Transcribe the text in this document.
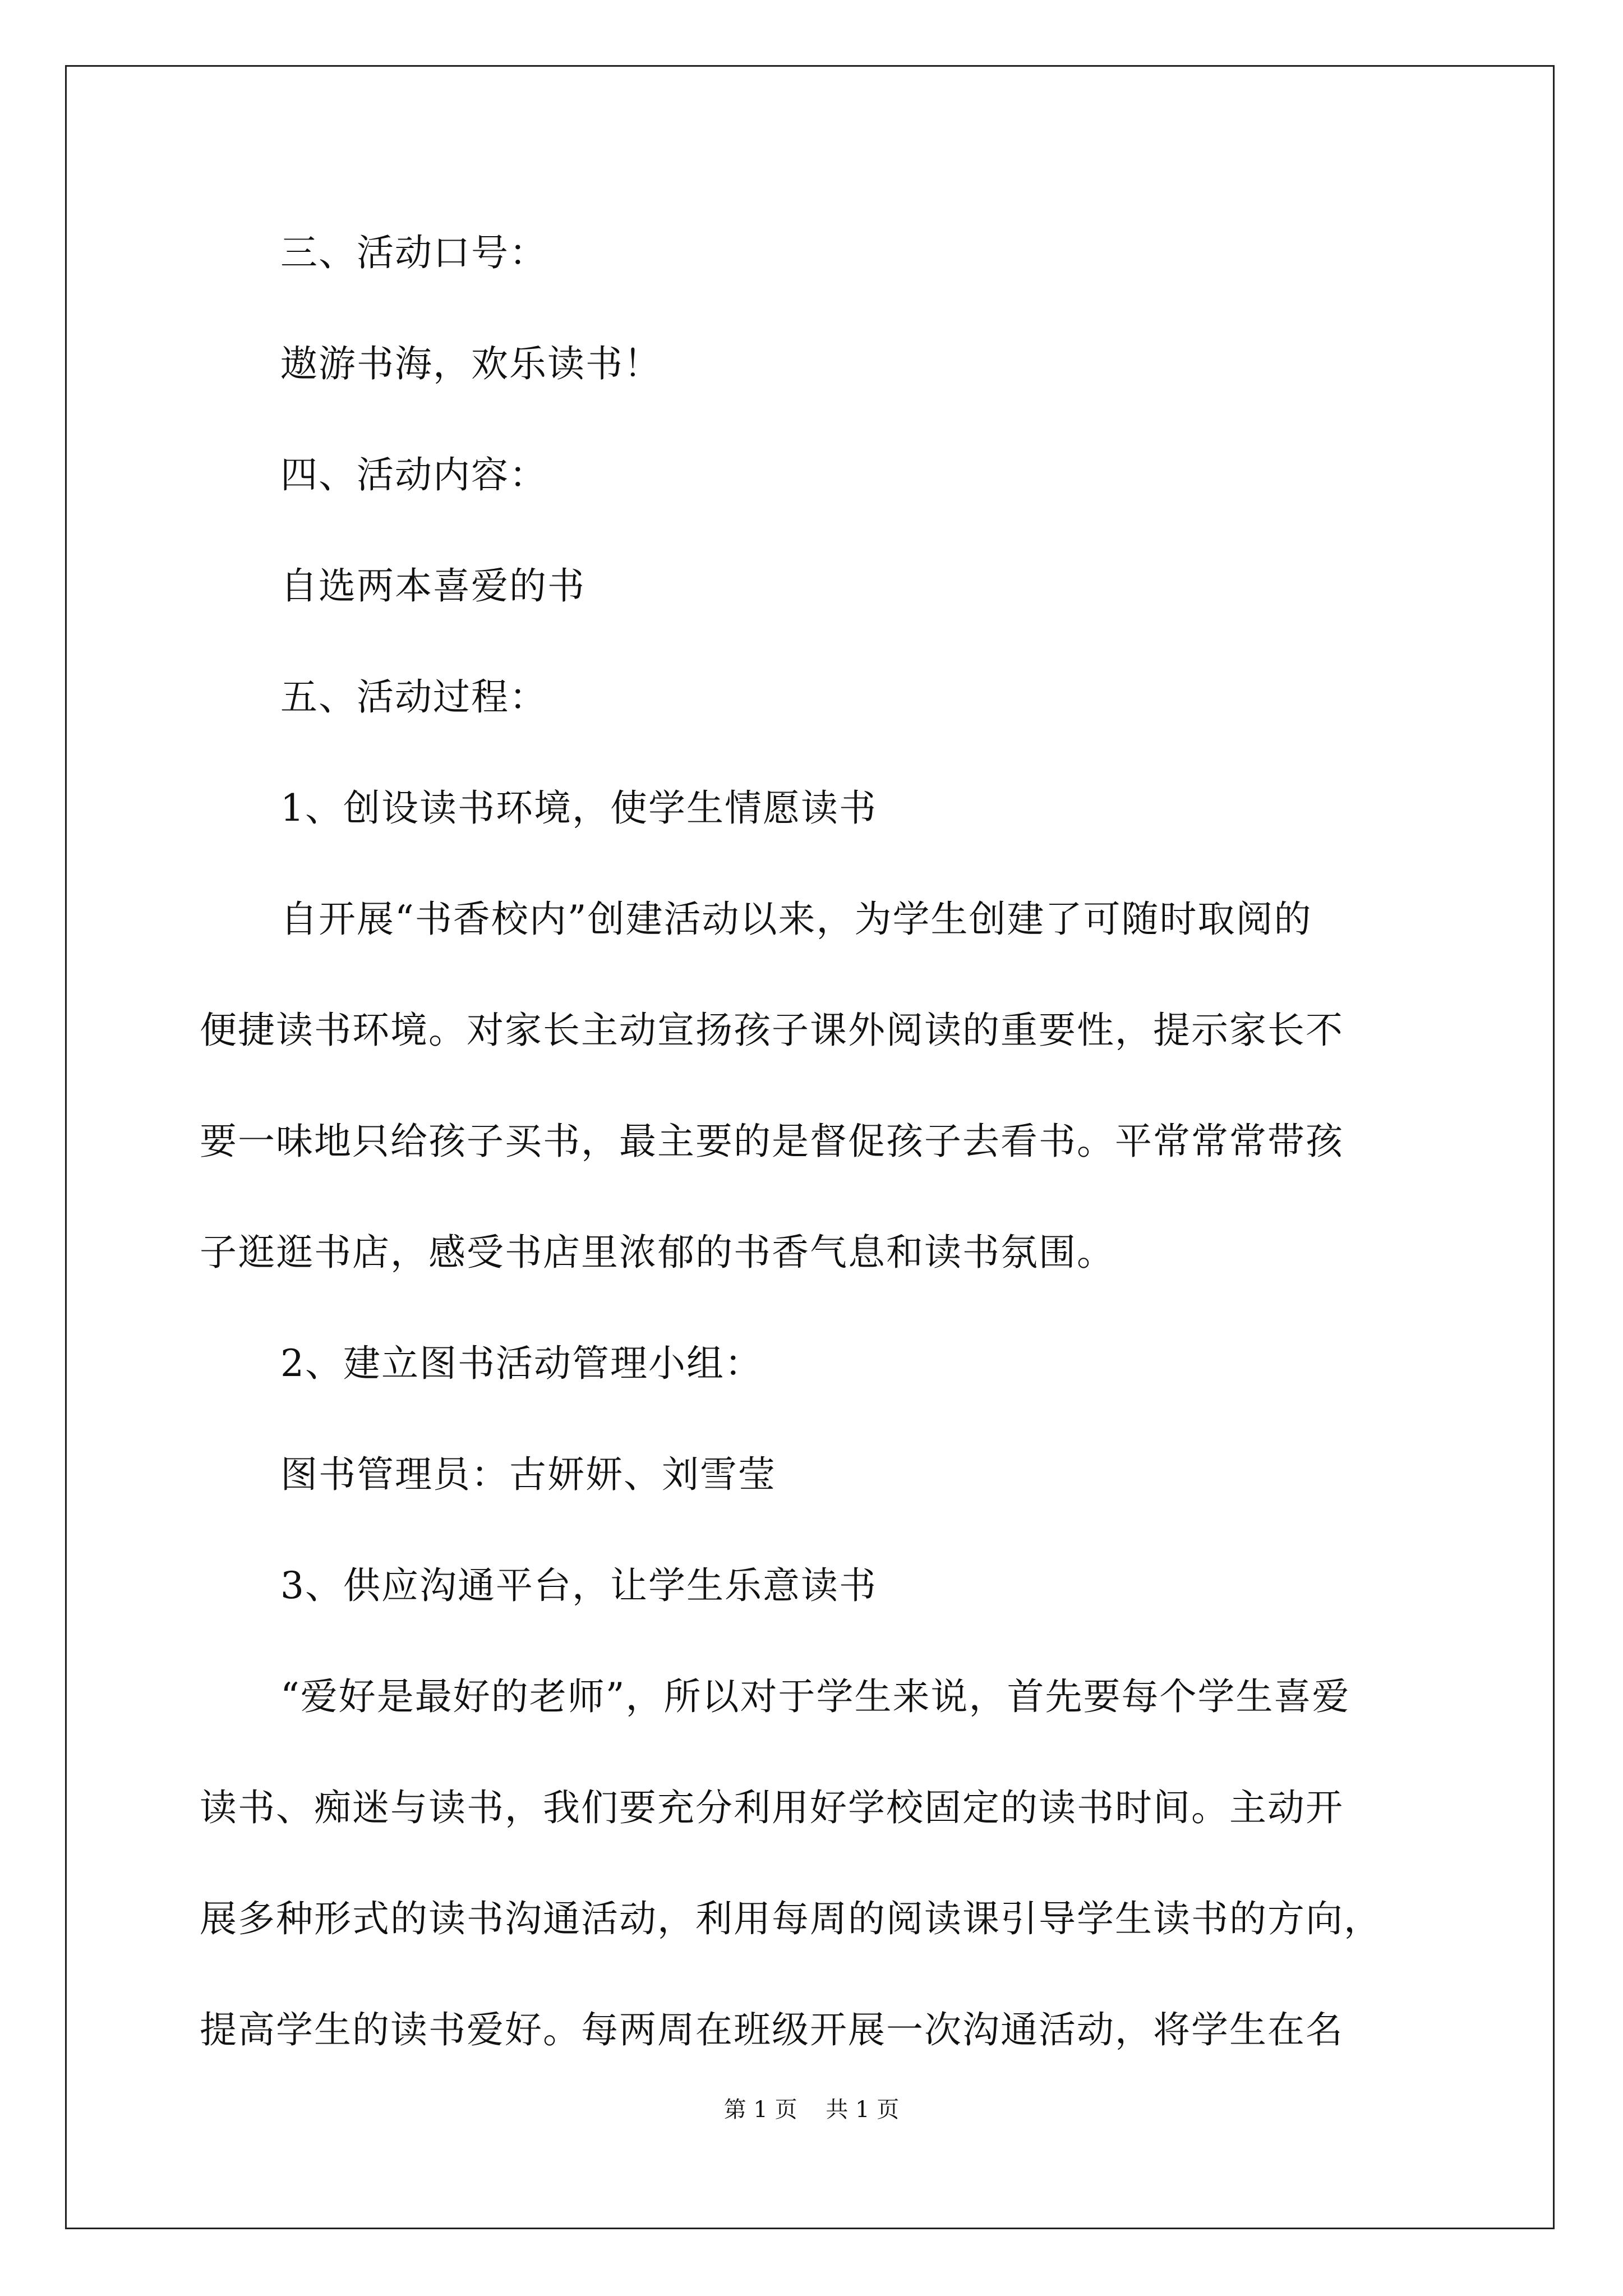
三、活动口号：
遨游书海，欢乐读书！
四、活动内容：
自选两本喜爱的书
五、活动过程：
1、创设读书环境，使学生情愿读书
自开展“书香校内”创建活动以来，为学生创建了可随时取阅的
便捷读书环境。对家长主动宣扬孩子课外阅读的重要性，提示家长不
要一味地只给孩子买书，最主要的是督促孩子去看书。平常常常带孩
子逛逛书店，感受书店里浓郁的书香气息和读书氛围。
2、建立图书活动管理小组：
图书管理员：古妍妍、刘雪莹
3、供应沟通平台，让学生乐意读书
“爱好是最好的老师”，所以对于学生来说，首先要每个学生喜爱
读书、痴迷与读书，我们要充分利用好学校固定的读书时间。主动开
展多种形式的读书沟通活动，利用每周的阅读课引导学生读书的方向，
提高学生的读书爱好。每两周在班级开展一次沟通活动，将学生在名
第 1 页    共 1 页
